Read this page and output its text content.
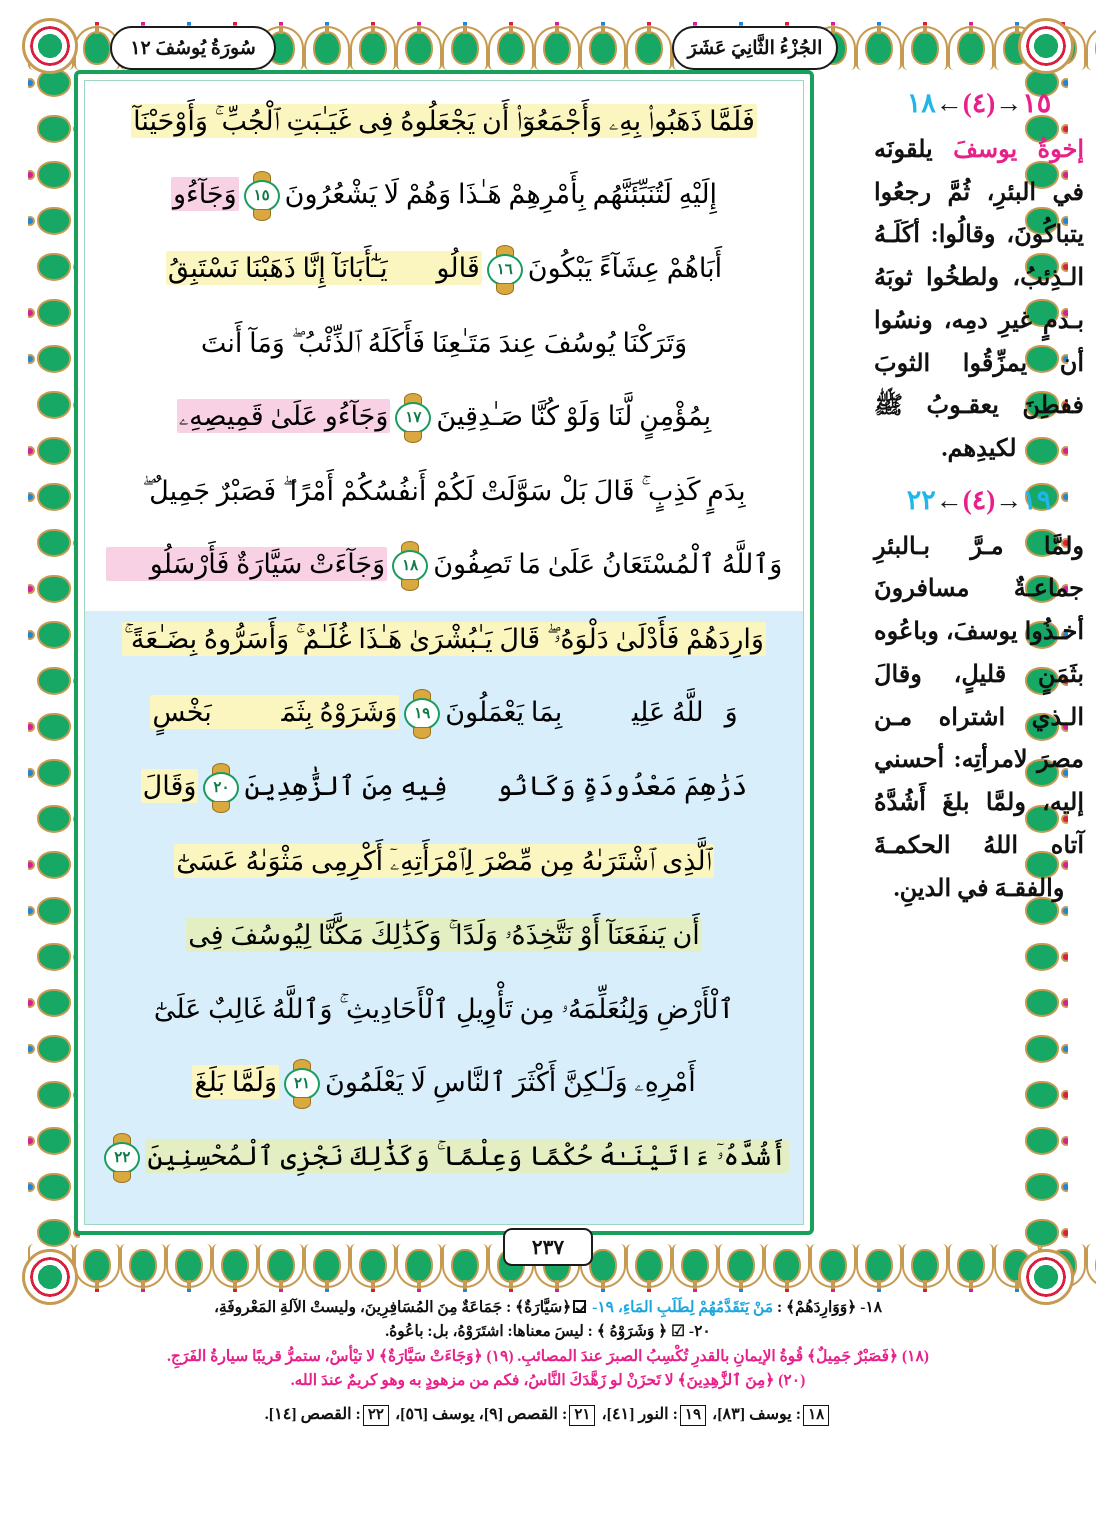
سُورَةُ يُوسُفَ ١٢	الجُزْءُ الثَّانِيَ عَشَرَ
فَلَمَّا ذَهَبُوا۟ بِهِۦ وَأَجْمَعُوٓا۟ أَن يَجْعَلُوهُ فِى غَيَـٰبَتِ ٱلْجُبِّ ۚ وَأَوْحَيْنَآ
إِلَيْهِ لَتُنَبِّئَنَّهُم بِأَمْرِهِمْ هَـٰذَا وَهُمْ لَا يَشْعُرُونَ
١٥
وَجَآءُو
أَبَاهُمْ عِشَآءً يَبْكُونَ
١٦
قَالُوا۟ يَـٰٓأَبَانَآ إِنَّا ذَهَبْنَا نَسْتَبِقُ
وَتَرَكْنَا يُوسُفَ عِندَ مَتَـٰعِنَا فَأَكَلَهُ ٱلذِّئْبُ ۖ وَمَآ أَنتَ
بِمُؤْمِنٍ لَّنَا وَلَوْ كُنَّا صَـٰدِقِينَ
١٧
وَجَآءُو عَلَىٰ قَمِيصِهِۦ
بِدَمٍ كَذِبٍ ۚ قَالَ بَلْ سَوَّلَتْ لَكُمْ أَنفُسُكُمْ أَمْرًا ۖ فَصَبْرٌ جَمِيلٌ ۖ
وَٱللَّهُ ٱلْمُسْتَعَانُ عَلَىٰ مَا تَصِفُونَ
١٨
وَجَآءَتْ سَيَّارَةٌ فَأَرْسَلُوا۟
وَارِدَهُمْ فَأَدْلَىٰ دَلْوَهُۥ ۖ قَالَ يَـٰبُشْرَىٰ هَـٰذَا غُلَـٰمٌ ۚ وَأَسَرُّوهُ بِضَـٰعَةً ۚ
وَٱللَّهُ عَلِيمٌۢ بِمَا يَعْمَلُونَ
١٩
وَشَرَوْهُ بِثَمَنٍۭ بَخْسٍ
دَرَٰهِمَ مَعْدُودَةٍ وَكَانُوا۟ فِيهِ مِنَ ٱلزَّٰهِدِينَ
٢٠
وَقَالَ
ٱلَّذِى ٱشْتَرَىٰهُ مِن مِّصْرَ لِٱمْرَأَتِهِۦٓ أَكْرِمِى مَثْوَىٰهُ عَسَىٰٓ
أَن يَنفَعَنَآ أَوْ نَتَّخِذَهُۥ وَلَدًا ۚ وَكَذَٰلِكَ مَكَّنَّا لِيُوسُفَ فِى
ٱلْأَرْضِ وَلِنُعَلِّمَهُۥ مِن تَأْوِيلِ ٱلْأَحَادِيثِ ۚ وَٱللَّهُ غَالِبٌ عَلَىٰٓ
أَمْرِهِۦ وَلَـٰكِنَّ أَكْثَرَ ٱلنَّاسِ لَا يَعْلَمُونَ
٢١
وَلَمَّا بَلَغَ
أَشُدَّهُۥٓ ءَاتَيْنَـٰهُ حُكْمًا وَعِلْمًا ۚ وَكَذَٰلِكَ نَجْزِى ٱلْمُحْسِنِينَ
٢٢
٢٣٧
١٥→(٤)←١٨
إخوةُ يوسفَ يلقونَه في البئرِ، ثُمَّ رجعُوا يتباكُونَ، وقالُوا: أكَلَـهُ الـذِئبُ، ولطخُوا ثوبَهُ بـدمٍ غيرِ دمِه، ونسُوا أن يمزِّقُوا الثوبَ ففطِنَ يعقـوبُ ﷺ لكيدِهم.
١٩→(٤)←٢٢
ولمَّا مـرَّ بـالبئرِ جماعـةٌ مسافرونَ أخـذُوا يوسفَ، وباعُوه بثَمَنٍ قليلٍ، وقالَ الـذي اشتراه مـن مصرَ لامرأتِه: أحسني إليه، ولمَّا بلغَ أَشُدَّهُ آتاه اللهُ الحكمـةَ والفقـهَ في الدينِ.
١٨- ﴿وَوَارِدَهُمْ﴾ : مَنْ يَتَقَدَّمُهُمْ لِطَلَبِ المَاءِ، ١٩- ﴿سَيَّارَةٌ﴾ : جَمَاعَةٌ مِنَ المُسَافِرِينَ، وليستْ الآلةِ المَعْروفَةِ،
٢٠- ☑ ﴿ وَشَرَوْهُ ﴾ : ليسَ معناها: اشتَرَوْهُ، بل: باعُوهُ.
(١٨) ﴿فَصَبْرٌ جَمِيلٌ﴾ قُوةُ الإيمانِ بالقدرِ تُكْسِبُ الصبرَ عندَ المصائبِ. (١٩) ﴿وَجَاءَتْ سَيَّارَةٌ﴾ لا تيْأسْ، ستمرُّ قريبًا سيارةُ الفَرَجِ.
(٢٠) ﴿مِنَ ٱلزَّٰهِدِينَ﴾ لا تَحزَنْ لو زَهَّدَكَ النَّاسُ، فكم من مزهودٍ به وهو كريمٌ عندَ الله.
١٨: يوسف [٨٣]، ١٩: النور [٤١]، ٢١: القصص [٩]، يوسف [٥٦]، ٢٢: القصص [١٤].
